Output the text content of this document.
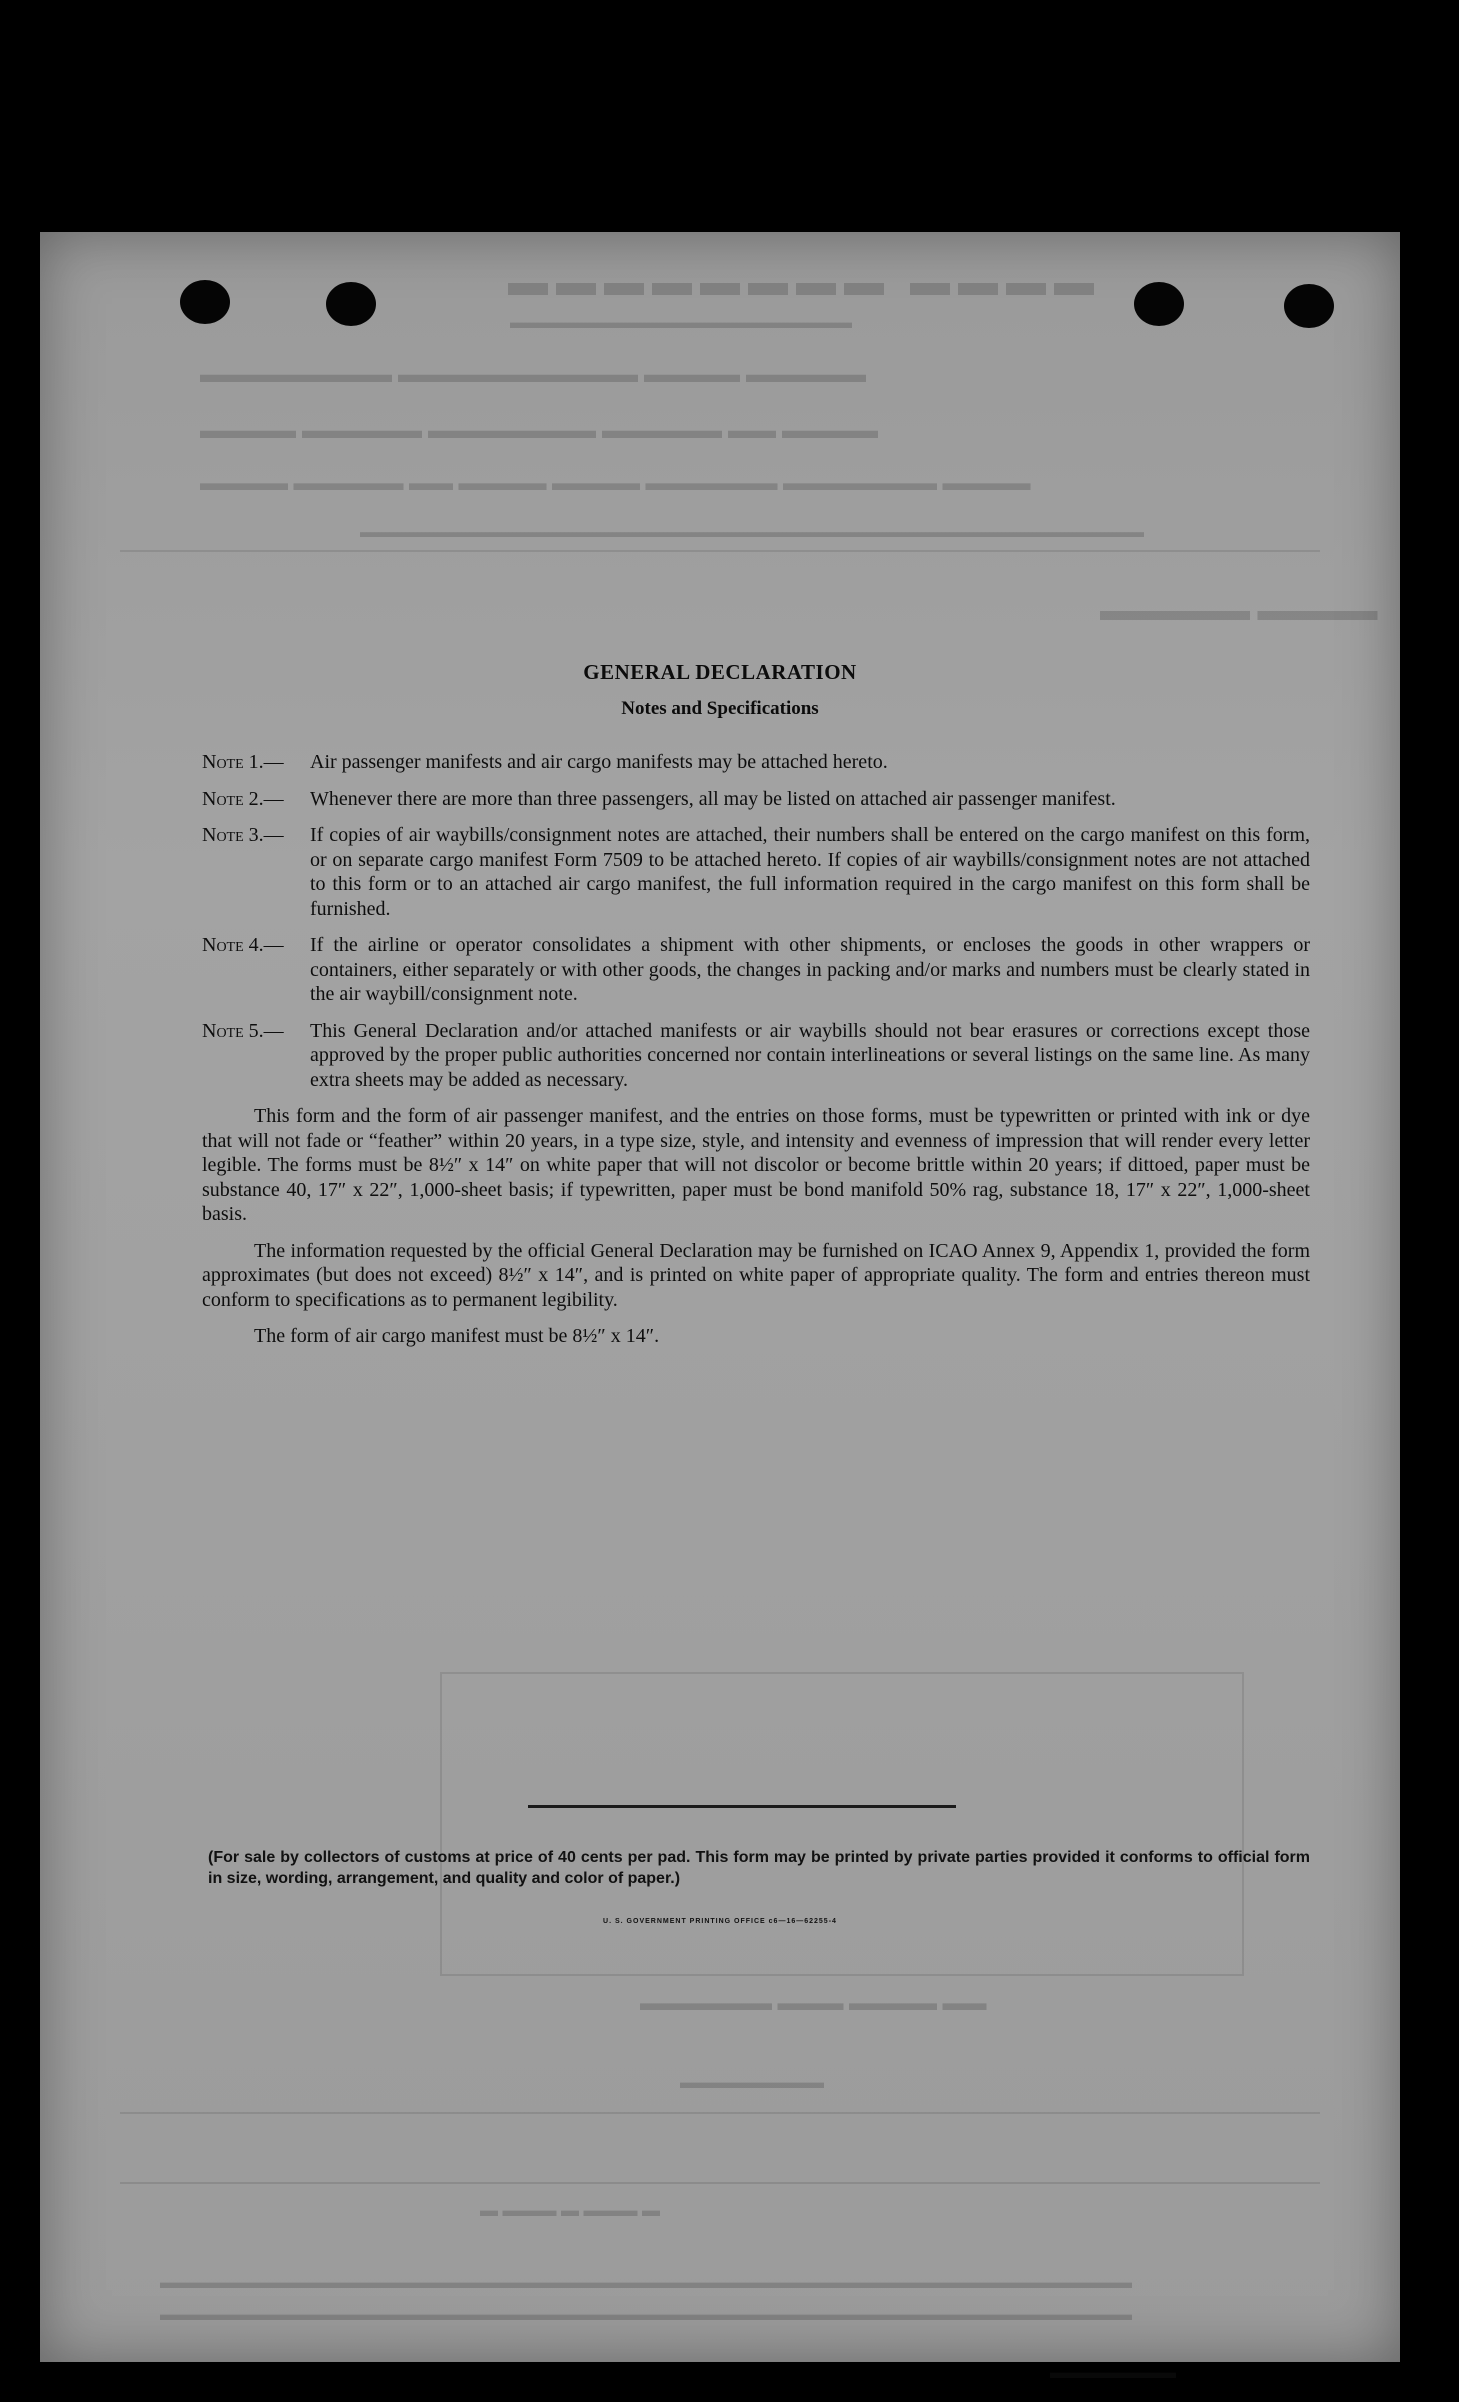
▬▬▬▬ ▬▬▬▬▬▬▬▬
▬▬▬▬▬▬▬▬▬▬▬▬▬▬▬▬▬▬▬
▬▬▬▬▬ ▬▬▬▬ ▬▬▬▬▬▬▬▬▬▬ ▬▬▬▬▬▬▬▬
▬▬▬▬ ▬▬ ▬▬▬▬▬ ▬▬▬▬▬▬▬ ▬▬▬▬▬ ▬▬▬▬
▬▬▬▬ ▬▬▬▬▬▬▬ ▬▬▬▬▬▬ ▬▬▬▬ ▬▬▬▬ ▬▬ ▬▬▬▬▬ ▬▬▬▬
▬▬▬▬▬▬▬▬▬▬▬▬▬▬▬▬▬▬▬▬▬▬▬▬▬▬▬▬▬▬▬▬▬▬▬▬▬▬▬▬▬▬▬▬▬▬▬▬▬
▬▬▬▬ ▬▬▬▬▬
▬▬ ▬▬▬▬ ▬▬▬ ▬▬▬▬▬▬
▬▬▬▬▬▬▬▬
▬ ▬▬▬ ▬ ▬▬▬ ▬
▬▬▬▬▬▬▬▬▬▬▬▬▬▬▬▬▬▬▬▬▬▬▬▬▬▬▬▬▬▬▬▬▬▬▬▬▬▬▬▬▬▬▬▬▬▬▬▬▬▬▬▬▬▬
▬▬▬▬▬▬▬▬▬▬▬▬▬▬▬▬▬▬▬▬▬▬▬▬▬▬▬▬▬▬▬▬▬▬▬▬▬▬▬▬▬▬▬▬▬▬▬▬▬▬▬▬▬▬
▬▬▬▬▬▬▬
GENERAL DECLARATION
Notes and Specifications
Note 1.—	Air passenger manifests and air cargo manifests may be attached hereto.
Note 2.—	Whenever there are more than three passengers, all may be listed on attached air passenger manifest.
Note 3.—	If copies of air waybills/consignment notes are attached, their numbers shall be entered on the cargo manifest on this form, or on separate cargo manifest Form 7509 to be attached hereto. If copies of air waybills/consignment notes are not attached to this form or to an attached air cargo manifest, the full information required in the cargo manifest on this form shall be furnished.
Note 4.—	If the airline or operator consolidates a shipment with other shipments, or encloses the goods in other wrappers or containers, either separately or with other goods, the changes in packing and/or marks and numbers must be clearly stated in the air waybill/consignment note.
Note 5.—	This General Declaration and/or attached manifests or air waybills should not bear erasures or corrections except those approved by the proper public authorities concerned nor contain interlineations or several listings on the same line. As many extra sheets may be added as necessary.

This form and the form of air passenger manifest, and the entries on those forms, must be typewritten or printed with ink or dye that will not fade or “feather” within 20 years, in a type size, style, and intensity and evenness of impression that will render every letter legible. The forms must be 8½″ x 14″ on white paper that will not discolor or become brittle within 20 years; if dittoed, paper must be substance 40, 17″ x 22″, 1,000-sheet basis; if typewritten, paper must be bond manifold 50% rag, substance 18, 17″ x 22″, 1,000-sheet basis.

The information requested by the official General Declaration may be furnished on ICAO Annex 9, Appendix 1, provided the form approximates (but does not exceed) 8½″ x 14″, and is printed on white paper of appropriate quality. The form and entries thereon must conform to specifications as to permanent legibility.

The form of air cargo manifest must be 8½″ x 14″.

(For sale by collectors of customs at price of 40 cents per pad. This form may be printed by private parties provided it conforms to official form in size, wording, arrangement, and quality and color of paper.)
U. S. GOVERNMENT PRINTING OFFICE c6—16—62255-4
